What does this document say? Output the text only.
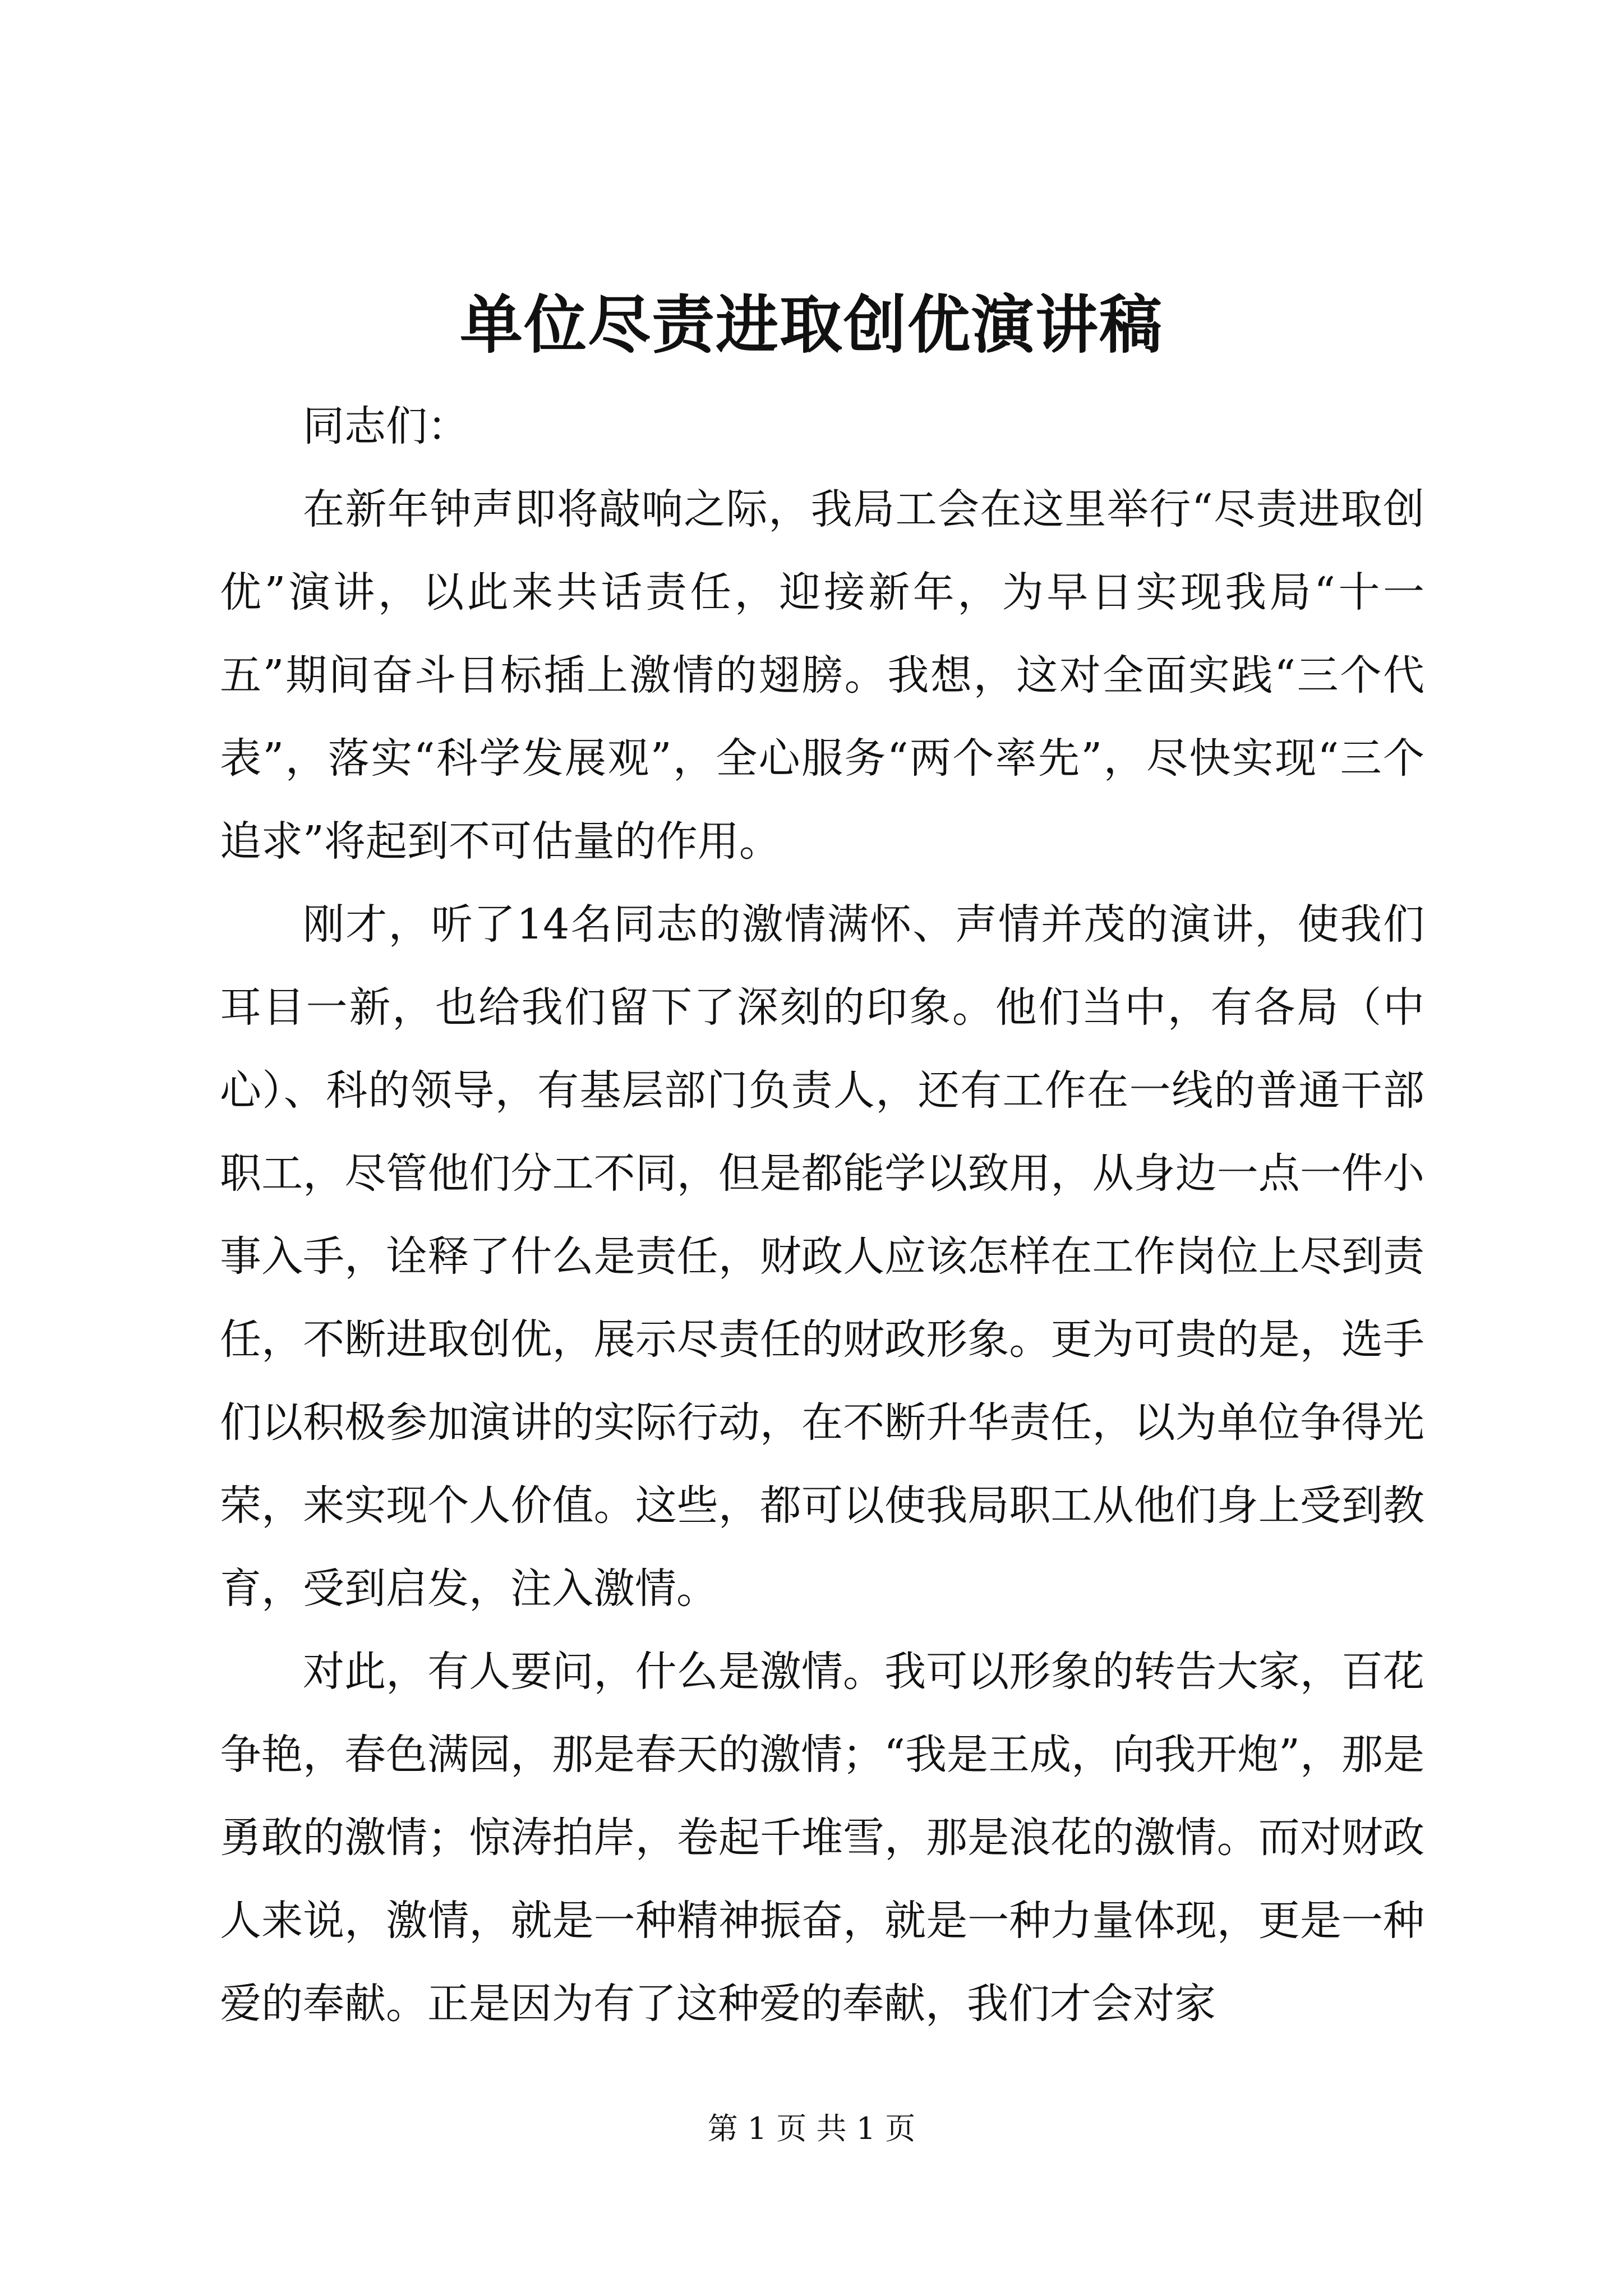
单位尽责进取创优演讲稿

同志们：

在新年钟声即将敲响之际，我局工会在这里举行“尽责进取创优”演讲，以此来共话责任，迎接新年，为早日实现我局“十一五”期间奋斗目标插上激情的翅膀。我想，这对全面实践“三个代表”，落实“科学发展观”，全心服务“两个率先”，尽快实现“三个追求”将起到不可估量的作用。

刚才，听了14名同志的激情满怀、声情并茂的演讲，使我们耳目一新，也给我们留下了深刻的印象。他们当中，有各局（中心）、科的领导，有基层部门负责人，还有工作在一线的普通干部职工，尽管他们分工不同，但是都能学以致用，从身边一点一件小事入手，诠释了什么是责任，财政人应该怎样在工作岗位上尽到责任，不断进取创优，展示尽责任的财政形象。更为可贵的是，选手们以积极参加演讲的实际行动，在不断升华责任，以为单位争得光荣，来实现个人价值。这些，都可以使我局职工从他们身上受到教育，受到启发，注入激情。

对此，有人要问，什么是激情。我可以形象的转告大家，百花争艳，春色满园，那是春天的激情；“我是王成，向我开炮”，那是勇敢的激情；惊涛拍岸，卷起千堆雪，那是浪花的激情。而对财政人来说，激情，就是一种精神振奋，就是一种力量体现，更是一种爱的奉献。正是因为有了这种爱的奉献，我们才会对家

第 1 页 共 1 页
